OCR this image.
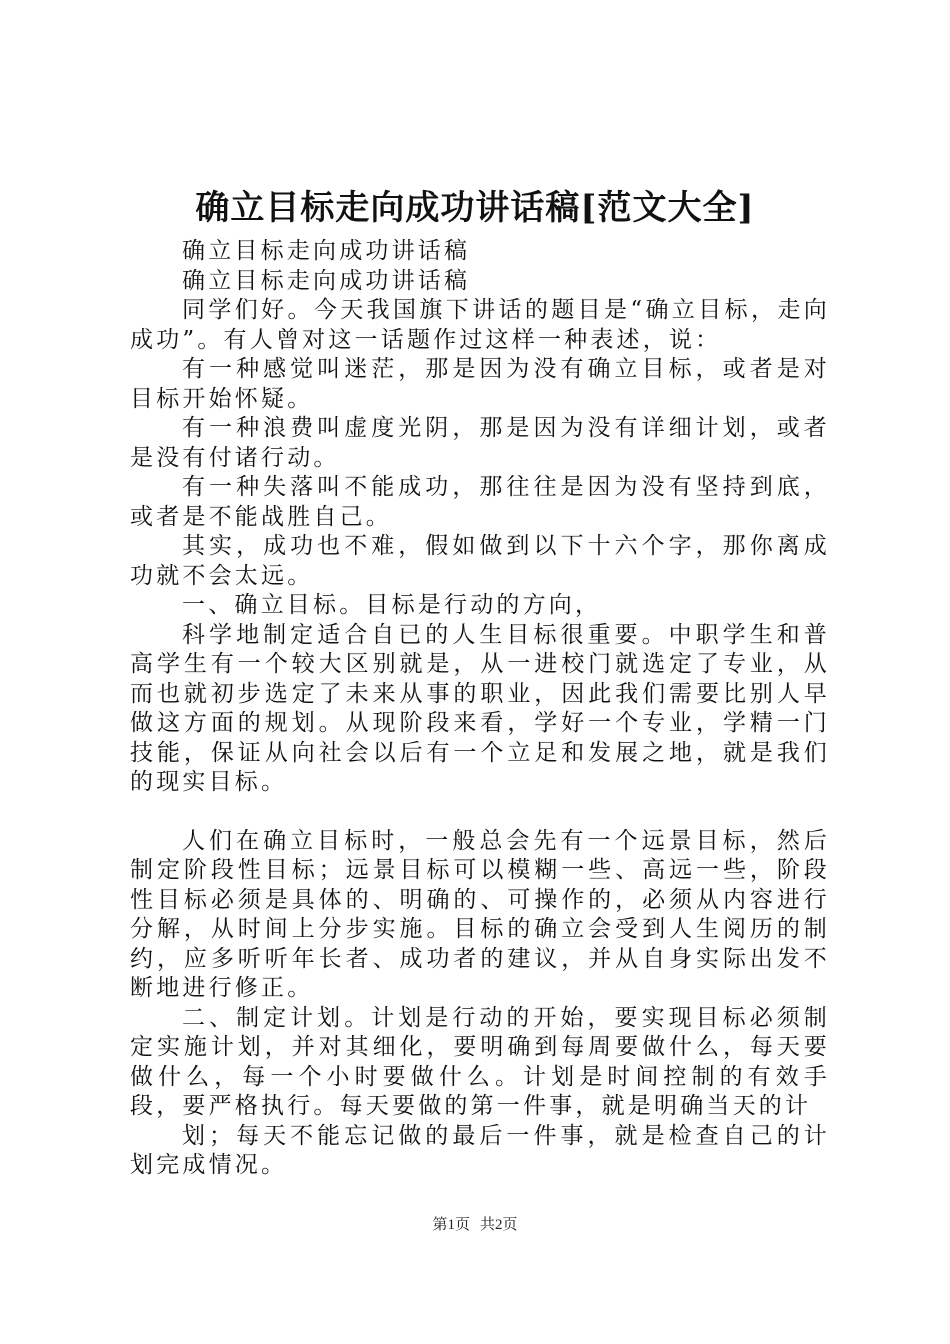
确立目标走向成功讲话稿[范文大全]

确立目标走向成功讲话稿

确立目标走向成功讲话稿

同学们好。今天我国旗下讲话的题目是“确立目标，走向成功”。有人曾对这一话题作过这样一种表述，说：

有一种感觉叫迷茫，那是因为没有确立目标，或者是对目标开始怀疑。

有一种浪费叫虚度光阴，那是因为没有详细计划，或者是没有付诸行动。

有一种失落叫不能成功，那往往是因为没有坚持到底，或者是不能战胜自己。

其实，成功也不难，假如做到以下十六个字，那你离成功就不会太远。

一、确立目标。目标是行动的方向，

科学地制定适合自已的人生目标很重要。中职学生和普高学生有一个较大区别就是，从一进校门就选定了专业，从而也就初步选定了未来从事的职业，因此我们需要比别人早做这方面的规划。从现阶段来看，学好一个专业，学精一门技能，保证从向社会以后有一个立足和发展之地，就是我们的现实目标。

人们在确立目标时，一般总会先有一个远景目标，然后制定阶段性目标；远景目标可以模糊一些、高远一些，阶段性目标必须是具体的、明确的、可操作的，必须从内容进行分解，从时间上分步实施。目标的确立会受到人生阅历的制约，应多听听年长者、成功者的建议，并从自身实际出发不断地进行修正。

二、制定计划。计划是行动的开始，要实现目标必须制定实施计划，并对其细化，要明确到每周要做什么，每天要做什么，每一个小时要做什么。计划是时间控制的有效手段，要严格执行。每天要做的第一件事，就是明确当天的计

划；每天不能忘记做的最后一件事，就是检查自己的计划完成情况。

第1页 共2页
